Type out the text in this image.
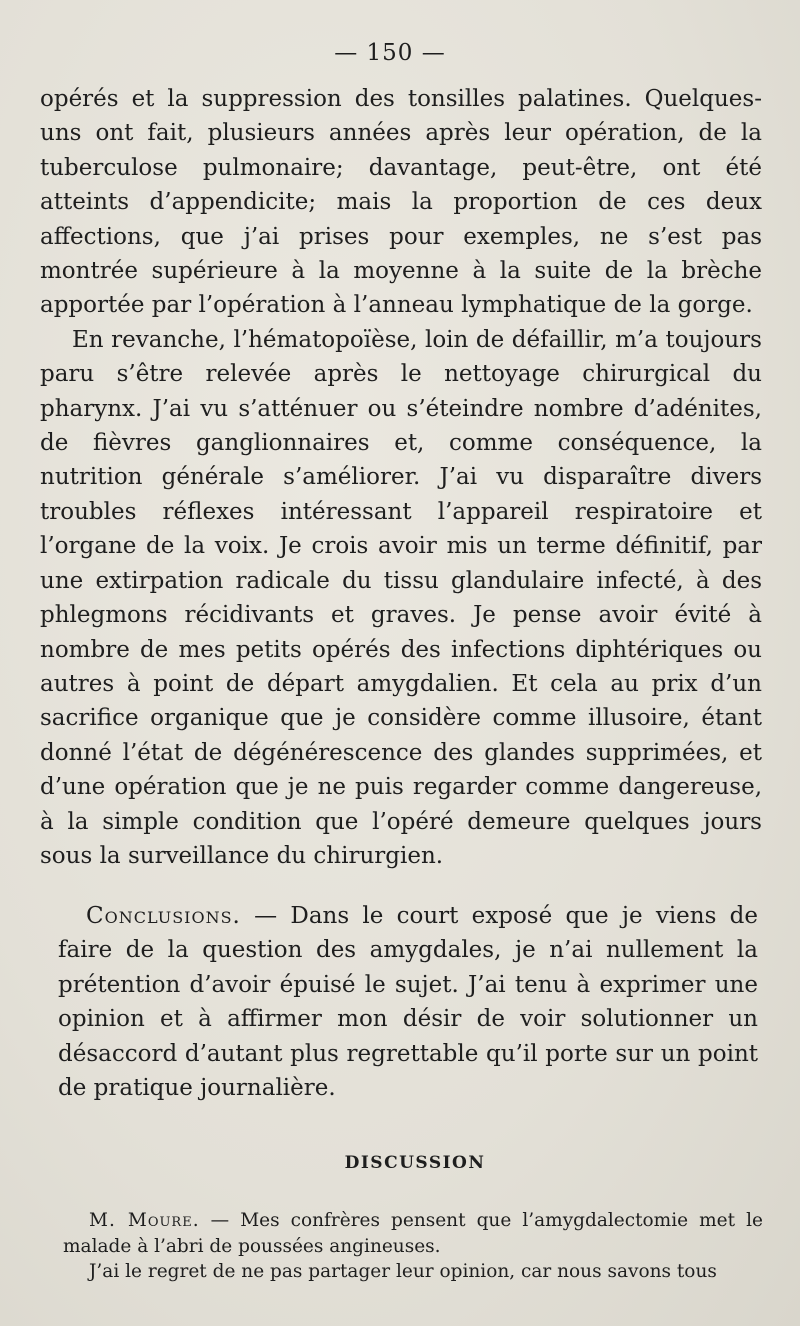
— 150 —

opérés et la suppression des tonsilles palatines. Quelques-uns ont fait, plusieurs années après leur opération, de la tuberculose pulmonaire; davantage, peut-être, ont été atteints d’appendicite; mais la proportion de ces deux affections, que j’ai prises pour exemples, ne s’est pas montrée supérieure à la moyenne à la suite de la brèche apportée par l’opération à l’anneau lymphatique de la gorge.

En revanche, l’hématopoïèse, loin de défaillir, m’a toujours paru s’être relevée après le nettoyage chirurgical du pharynx. J’ai vu s’atténuer ou s’éteindre nombre d’adénites, de fièvres ganglionnaires et, comme conséquence, la nutrition générale s’améliorer. J’ai vu disparaître divers troubles réflexes intéressant l’appareil respiratoire et l’organe de la voix. Je crois avoir mis un terme définitif, par une extirpation radicale du tissu glandulaire infecté, à des phlegmons récidivants et graves. Je pense avoir évité à nombre de mes petits opérés des infections diphtériques ou autres à point de départ amygdalien. Et cela au prix d’un sacrifice organique que je considère comme illusoire, étant donné l’état de dégénérescence des glandes supprimées, et d’une opération que je ne puis regarder comme dangereuse, à la simple condition que l’opéré demeure quelques jours sous la surveillance du chirurgien.

Conclusions. — Dans le court exposé que je viens de faire de la question des amygdales, je n’ai nullement la prétention d’avoir épuisé le sujet. J’ai tenu à exprimer une opinion et à affirmer mon désir de voir solutionner un désaccord d’autant plus regrettable qu’il porte sur un point de pratique journalière.

DISCUSSION

M. Moure. — Mes confrères pensent que l’amygdalectomie met le malade à l’abri de poussées angineuses.

J’ai le regret de ne pas partager leur opinion, car nous savons tous
